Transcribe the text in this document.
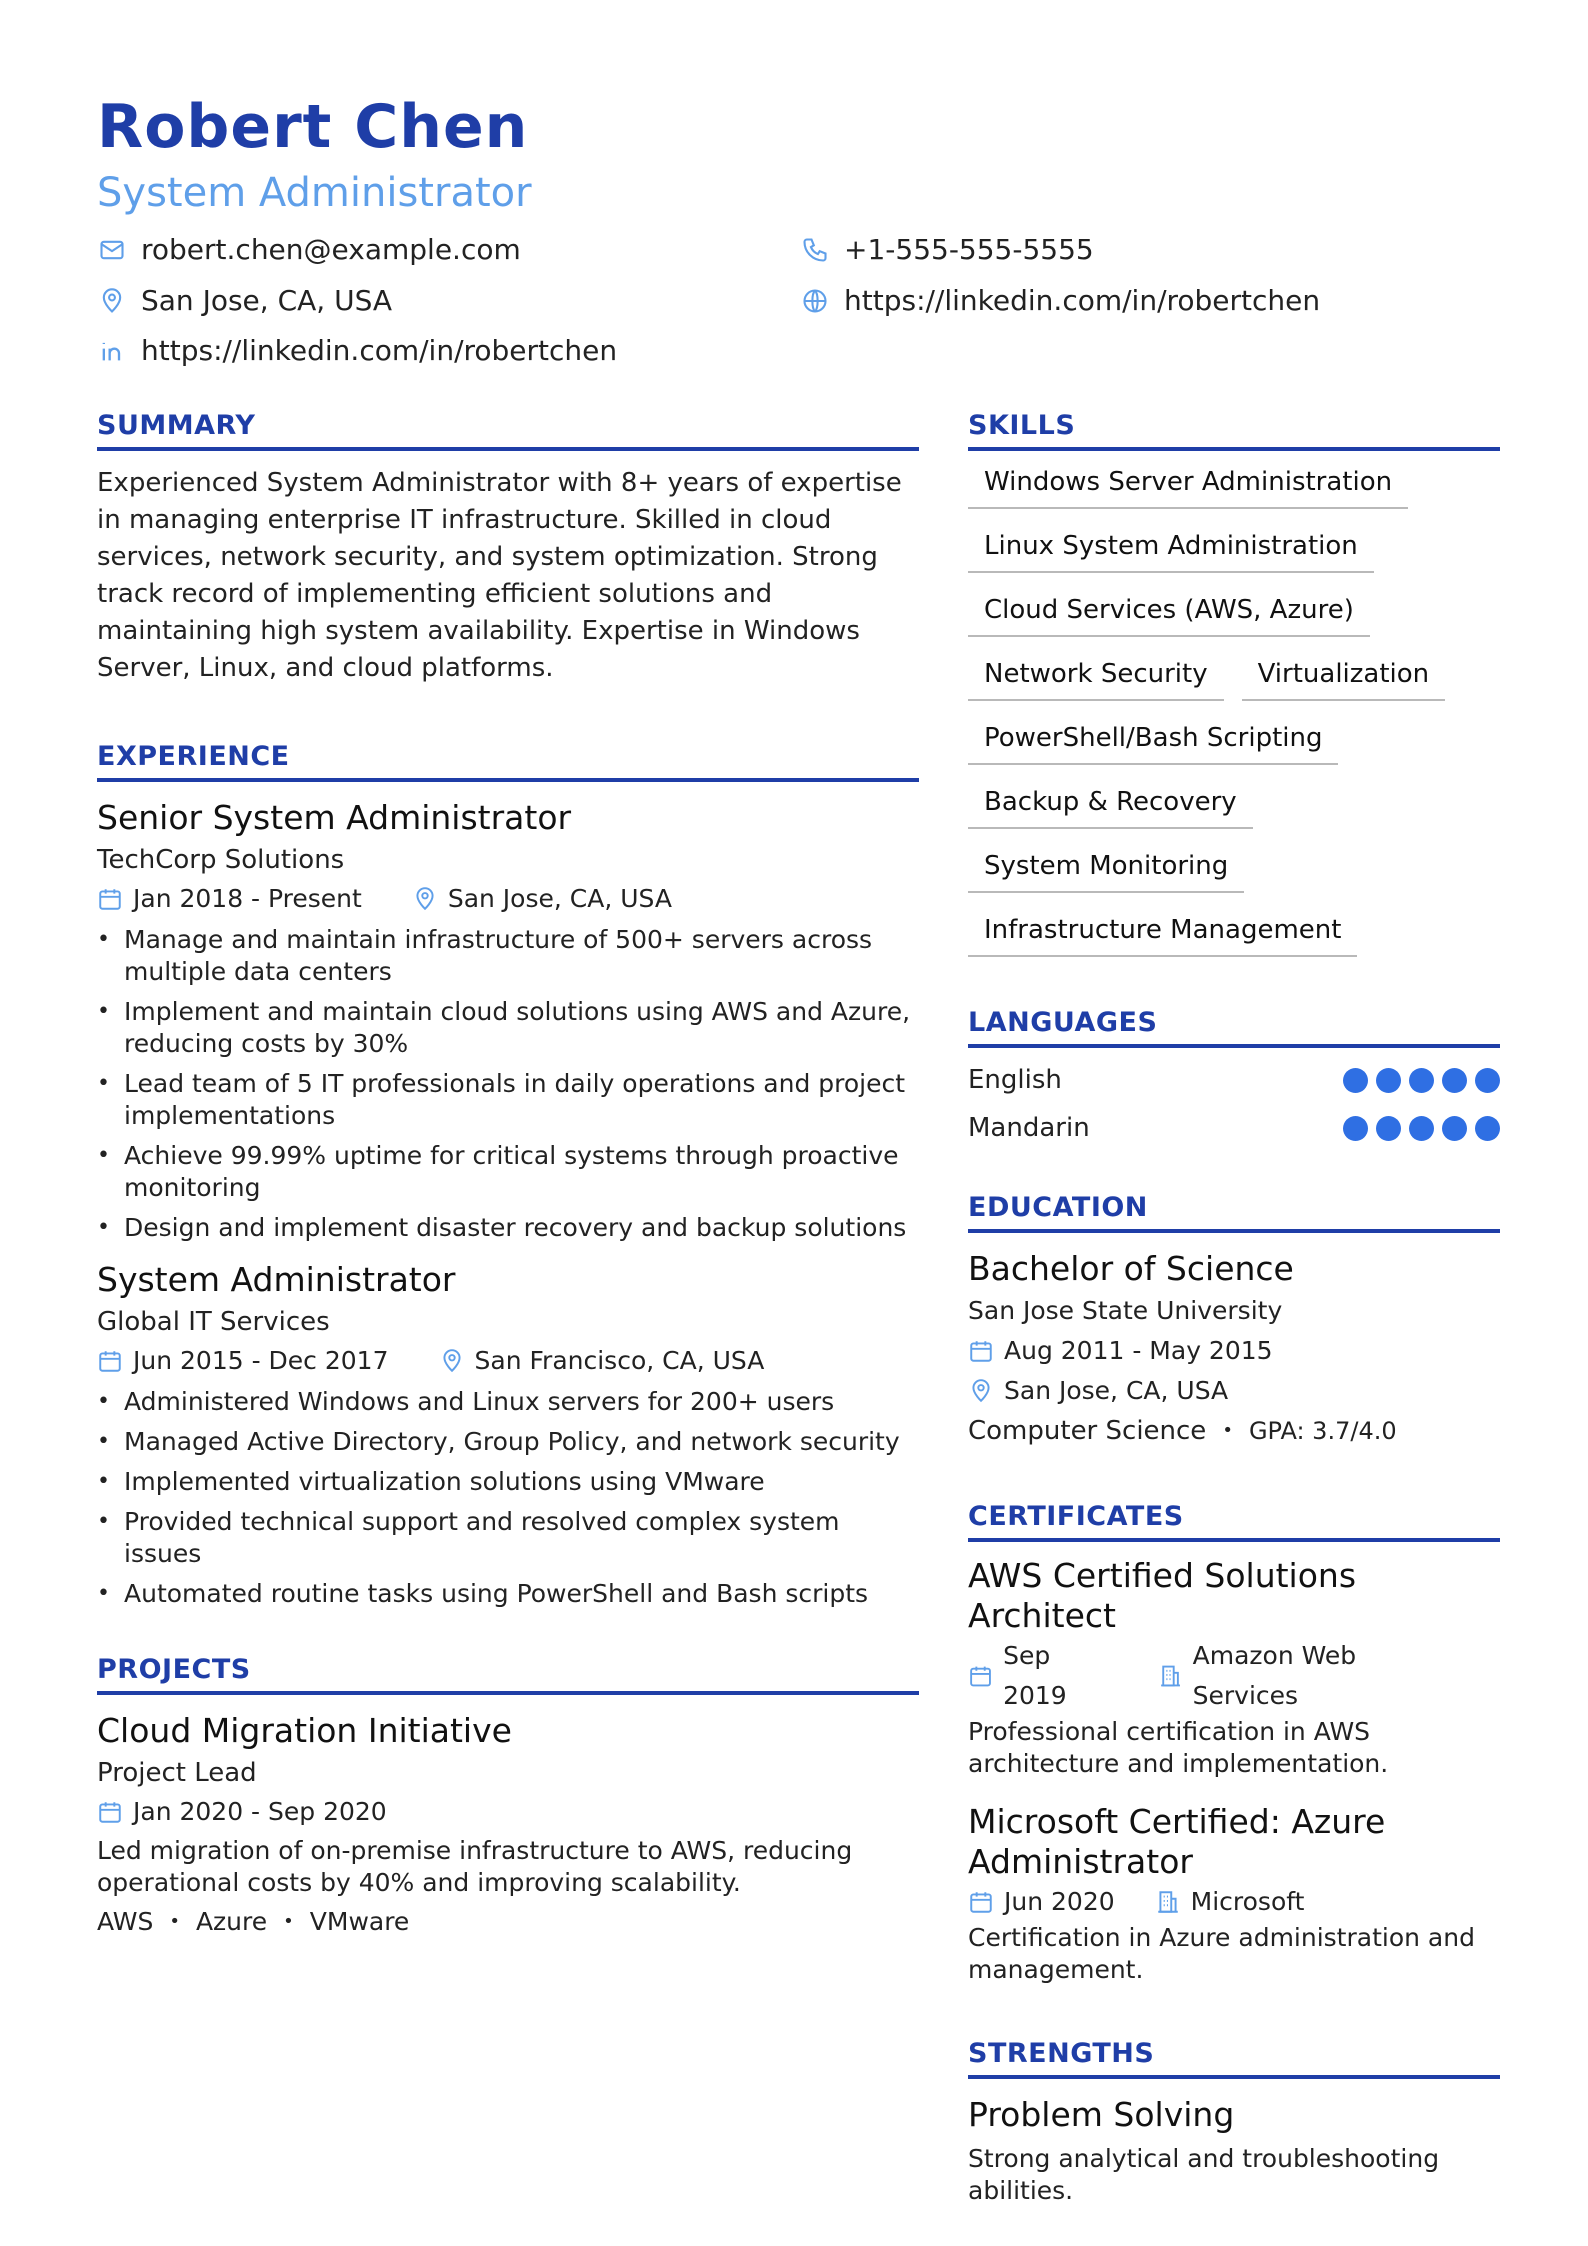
Robert Chen
System Administrator
robert.chen@example.com	+1-555-555-5555
San Jose, CA, USA	https://linkedin.com/in/robertchen
https://linkedin.com/in/robertchen
SUMMARY

Experienced System Administrator with 8+ years of expertise in managing enterprise IT infrastructure. Skilled in cloud services, network security, and system optimization. Strong track record of implementing efficient solutions and maintaining high system availability. Expertise in Windows Server, Linux, and cloud platforms.

EXPERIENCE
Senior System Administrator
TechCorp Solutions
Jan 2018 - Present	San Jose, CA, USA
• Manage and maintain infrastructure of 500+ servers across multiple data centers
• Implement and maintain cloud solutions using AWS and Azure, reducing costs by 30%
• Lead team of 5 IT professionals in daily operations and project implementations
• Achieve 99.99% uptime for critical systems through proactive monitoring
• Design and implement disaster recovery and backup solutions
System Administrator
Global IT Services
Jun 2015 - Dec 2017	San Francisco, CA, USA
• Administered Windows and Linux servers for 200+ users
• Managed Active Directory, Group Policy, and network security
• Implemented virtualization solutions using VMware
• Provided technical support and resolved complex system issues
• Automated routine tasks using PowerShell and Bash scripts
PROJECTS
Cloud Migration Initiative
Project Lead
Jan 2020 - Sep 2020

Led migration of on-premise infrastructure to AWS, reducing operational costs by 40% and improving scalability.

AWS • Azure • VMware
SKILLS
Windows Server Administration
Linux System Administration
Cloud Services (AWS, Azure)
Network Security	Virtualization
PowerShell/Bash Scripting
Backup & Recovery
System Monitoring
Infrastructure Management
LANGUAGES
English
Mandarin
EDUCATION
Bachelor of Science
San Jose State University
Aug 2011 - May 2015
San Jose, CA, USA
Computer Science • GPA: 3.7/4.0
CERTIFICATES
AWS Certified Solutions Architect
Sep 2019
Amazon Web Services

Professional certification in AWS architecture and implementation.

Microsoft Certified: Azure Administrator
Jun 2020	Microsoft

Certification in Azure administration and management.

STRENGTHS
Problem Solving

Strong analytical and troubleshooting abilities.
